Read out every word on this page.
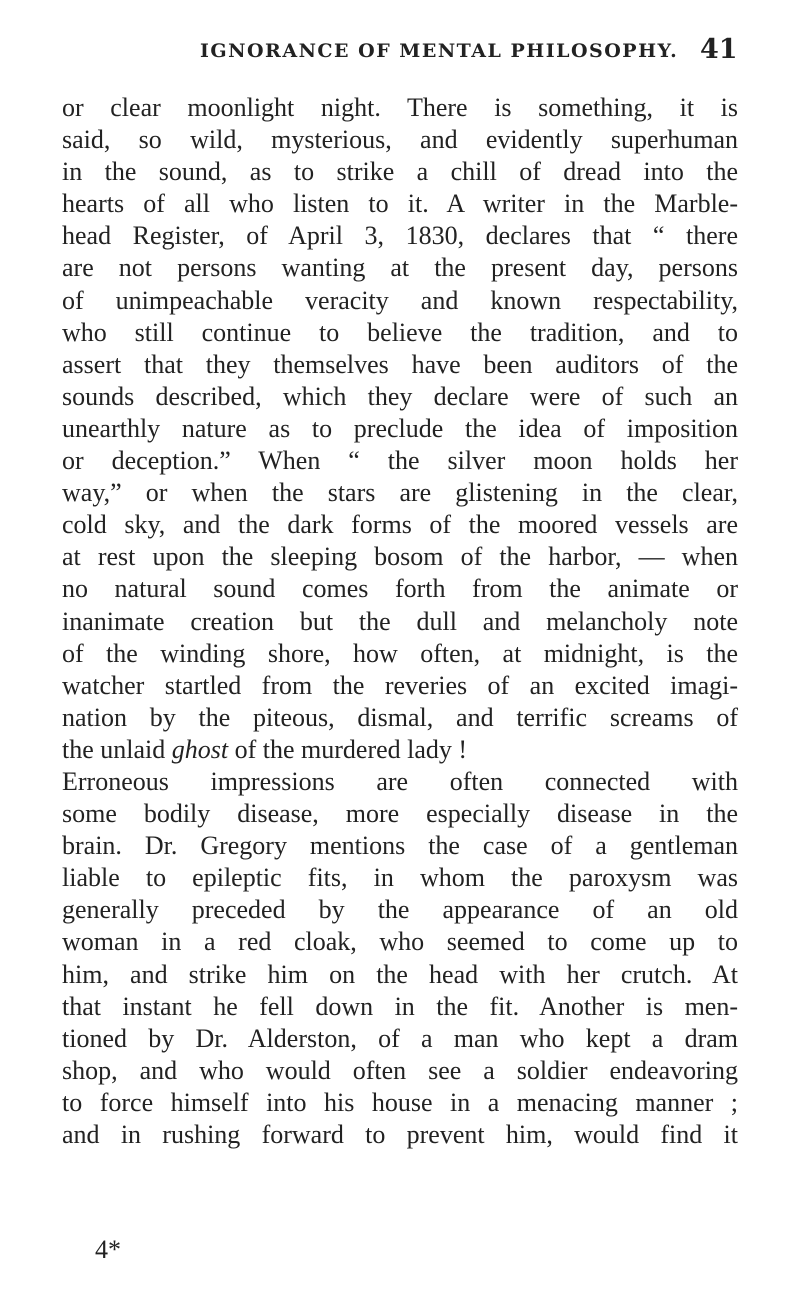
IGNORANCE OF MENTAL PHILOSOPHY. 41
or clear moonlight night. There is something, it is
said, so wild, mysterious, and evidently superhuman
in the sound, as to strike a chill of dread into the
hearts of all who listen to it. A writer in the Marble-
head Register, of April 3, 1830, declares that “ there
are not persons wanting at the present day, persons
of unimpeachable veracity and known respectability,
who still continue to believe the tradition, and to
assert that they themselves have been auditors of the
sounds described, which they declare were of such an
unearthly nature as to preclude the idea of imposition
or deception.” When “ the silver moon holds her
way,” or when the stars are glistening in the clear,
cold sky, and the dark forms of the moored vessels are
at rest upon the sleeping bosom of the harbor, — when
no natural sound comes forth from the animate or
inanimate creation but the dull and melancholy note
of the winding shore, how often, at midnight, is the
watcher startled from the reveries of an excited imagi-
nation by the piteous, dismal, and terrific screams of
the unlaid ghost of the murdered lady !
Erroneous impressions are often connected with
some bodily disease, more especially disease in the
brain. Dr. Gregory mentions the case of a gentleman
liable to epileptic fits, in whom the paroxysm was
generally preceded by the appearance of an old
woman in a red cloak, who seemed to come up to
him, and strike him on the head with her crutch. At
that instant he fell down in the fit. Another is men-
tioned by Dr. Alderston, of a man who kept a dram
shop, and who would often see a soldier endeavoring
to force himself into his house in a menacing manner ;
and in rushing forward to prevent him, would find it
4*
